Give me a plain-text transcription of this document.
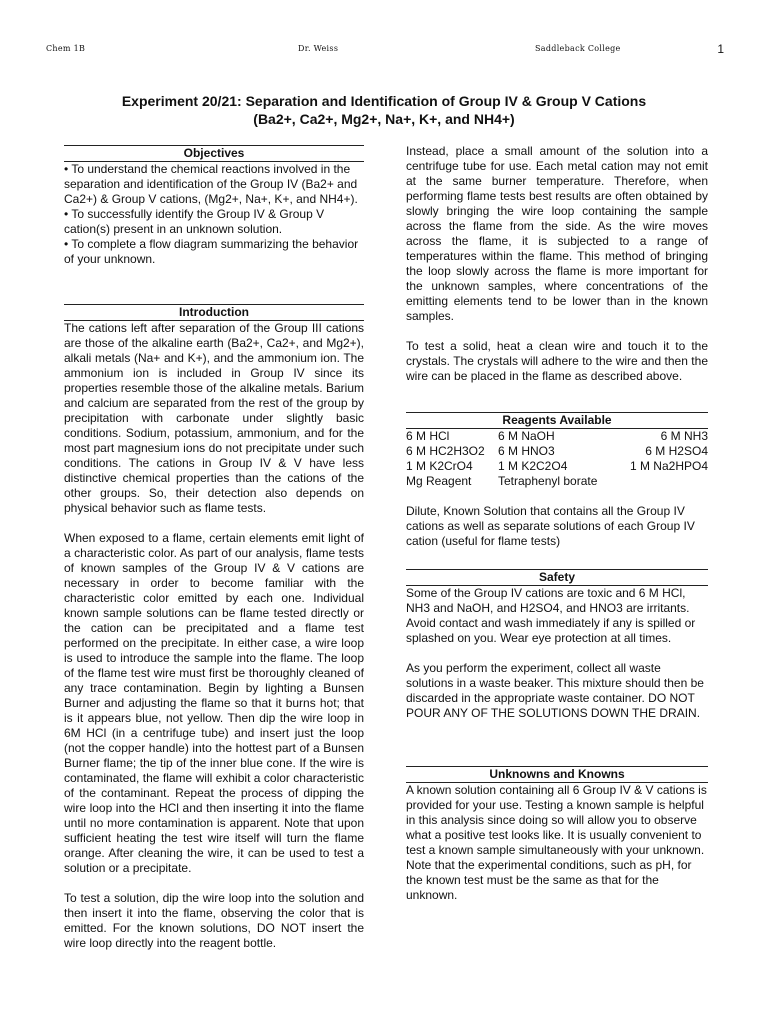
Chem 1B	Dr. Weiss	Saddleback College	1
Experiment 20/21: Separation and Identification of Group IV & Group V Cations
(Ba2+, Ca2+, Mg2+, Na+, K+, and NH4+)
Objectives

• To understand the chemical reactions involved in the separation and identification of the Group IV (Ba2+ and Ca2+) & Group V cations, (Mg2+, Na+, K+, and NH4+).

• To successfully identify the Group IV & Group V cation(s) present in an unknown solution.

• To complete a flow diagram summarizing the behavior of your unknown.

Introduction

The cations left after separation of the Group III cations are those of the alkaline earth (Ba2+, Ca2+, and Mg2+), alkali metals (Na+ and K+), and the ammonium ion. The ammonium ion is included in Group IV since its properties resemble those of the alkaline metals. Barium and calcium are separated from the rest of the group by precipitation with carbonate under slightly basic conditions. Sodium, potassium, ammonium, and for the most part magnesium ions do not precipitate under such conditions. The cations in Group IV & V have less distinctive chemical properties than the cations of the other groups. So, their detection also depends on physical behavior such as flame tests.

When exposed to a flame, certain elements emit light of a characteristic color. As part of our analysis, flame tests of known samples of the Group IV & V cations are necessary in order to become familiar with the characteristic color emitted by each one. Individual known sample solutions can be flame tested directly or the cation can be precipitated and a flame test performed on the precipitate. In either case, a wire loop is used to introduce the sample into the flame. The loop of the flame test wire must first be thoroughly cleaned of any trace contamination. Begin by lighting a Bunsen Burner and adjusting the flame so that it burns hot; that is it appears blue, not yellow. Then dip the wire loop in 6M HCl (in a centrifuge tube) and insert just the loop (not the copper handle) into the hottest part of a Bunsen Burner flame; the tip of the inner blue cone. If the wire is contaminated, the flame will exhibit a color characteristic of the contaminant. Repeat the process of dipping the wire loop into the HCl and then inserting it into the flame until no more contamination is apparent. Note that upon sufficient heating the test wire itself will turn the flame orange. After cleaning the wire, it can be used to test a solution or a precipitate.

To test a solution, dip the wire loop into the solution and then insert it into the flame, observing the color that is emitted. For the known solutions, DO NOT insert the wire loop directly into the reagent bottle.

Instead, place a small amount of the solution into a centrifuge tube for use. Each metal cation may not emit at the same burner temperature. Therefore, when performing flame tests best results are often obtained by slowly bringing the wire loop containing the sample across the flame from the side. As the wire moves across the flame, it is subjected to a range of temperatures within the flame. This method of bringing the loop slowly across the flame is more important for the unknown samples, where concentrations of the emitting elements tend to be lower than in the known samples.

To test a solid, heat a clean wire and touch it to the crystals. The crystals will adhere to the wire and then the wire can be placed in the flame as described above.

Reagents Available
6 M HCl	6 M NaOH	6 M NH3
6 M HC2H3O2	6 M HNO3	6 M H2SO4
1 M K2CrO4	1 M K2C2O4	1 M Na2HPO4
Mg Reagent	Tetraphenyl borate

Dilute, Known Solution that contains all the Group IV cations as well as separate solutions of each Group IV cation (useful for flame tests)

Safety

Some of the Group IV cations are toxic and 6 M HCl, NH3 and NaOH, and H2SO4, and HNO3 are irritants. Avoid contact and wash immediately if any is spilled or splashed on you. Wear eye protection at all times.

As you perform the experiment, collect all waste solutions in a waste beaker. This mixture should then be discarded in the appropriate waste container. DO NOT POUR ANY OF THE SOLUTIONS DOWN THE DRAIN.

Unknowns and Knowns

A known solution containing all 6 Group IV & V cations is provided for your use. Testing a known sample is helpful in this analysis since doing so will allow you to observe what a positive test looks like. It is usually convenient to test a known sample simultaneously with your unknown. Note that the experimental conditions, such as pH, for the known test must be the same as that for the unknown.
